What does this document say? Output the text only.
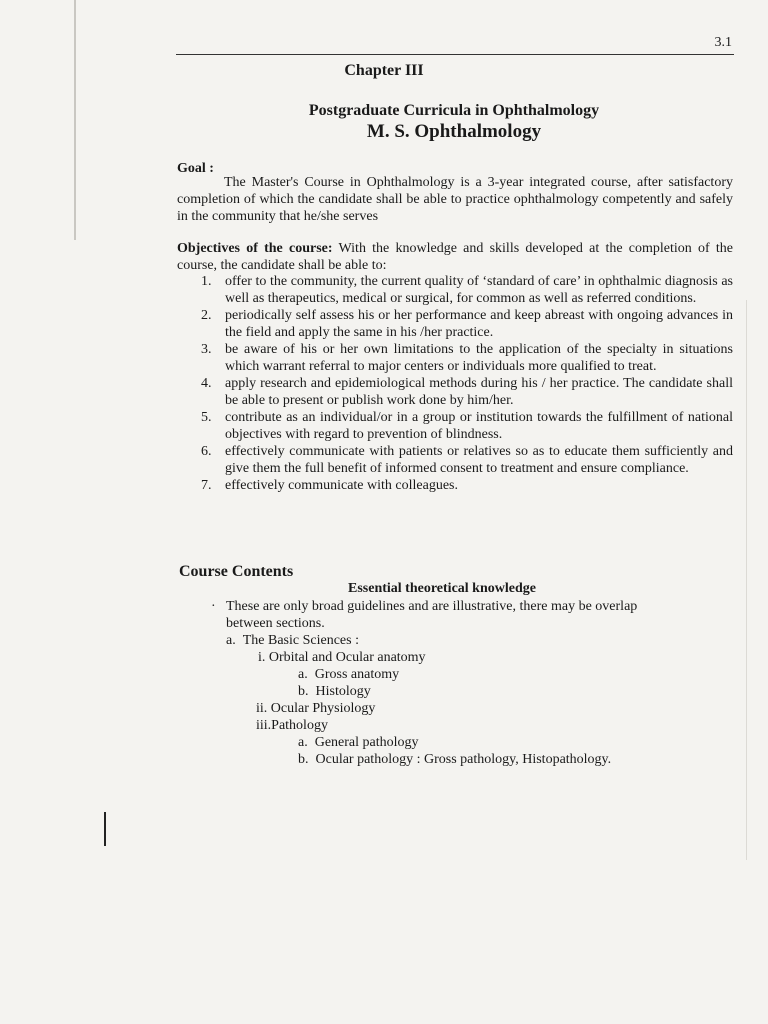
3.1
Chapter III
Postgraduate Curricula in Ophthalmology
M. S. Ophthalmology
Goal :
The Master's Course in Ophthalmology is a 3-year integrated course, after satisfactory completion of which the candidate shall be able to practice ophthalmology competently and safely in the community that he/she serves
Objectives of the course: With the knowledge and skills developed at the completion of the course, the candidate shall be able to:
1. offer to the community, the current quality of ‘standard of care’ in ophthalmic diagnosis as well as therapeutics, medical or surgical, for common as well as referred conditions.
2. periodically self assess his or her performance and keep abreast with ongoing advances in the field and apply the same in his /her practice.
3. be aware of his or her own limitations to the application of the specialty in situations which warrant referral to major centers or individuals more qualified to treat.
4. apply research and epidemiological methods during his / her practice. The candidate shall be able to present or publish work done by him/her.
5. contribute as an individual/or in a group or institution towards the fulfillment of national objectives with regard to prevention of blindness.
6. effectively communicate with patients or relatives so as to educate them sufficiently and give them the full benefit of informed consent to treatment and ensure compliance.
7. effectively communicate with colleagues.
Course Contents
Essential theoretical knowledge
· These are only broad guidelines and are illustrative, there may be overlap
between sections.
a. The Basic Sciences :
i. Orbital and Ocular anatomy
a. Gross anatomy
b. Histology
ii. Ocular Physiology
iii.Pathology
a. General pathology
b. Ocular pathology : Gross pathology, Histopathology.
